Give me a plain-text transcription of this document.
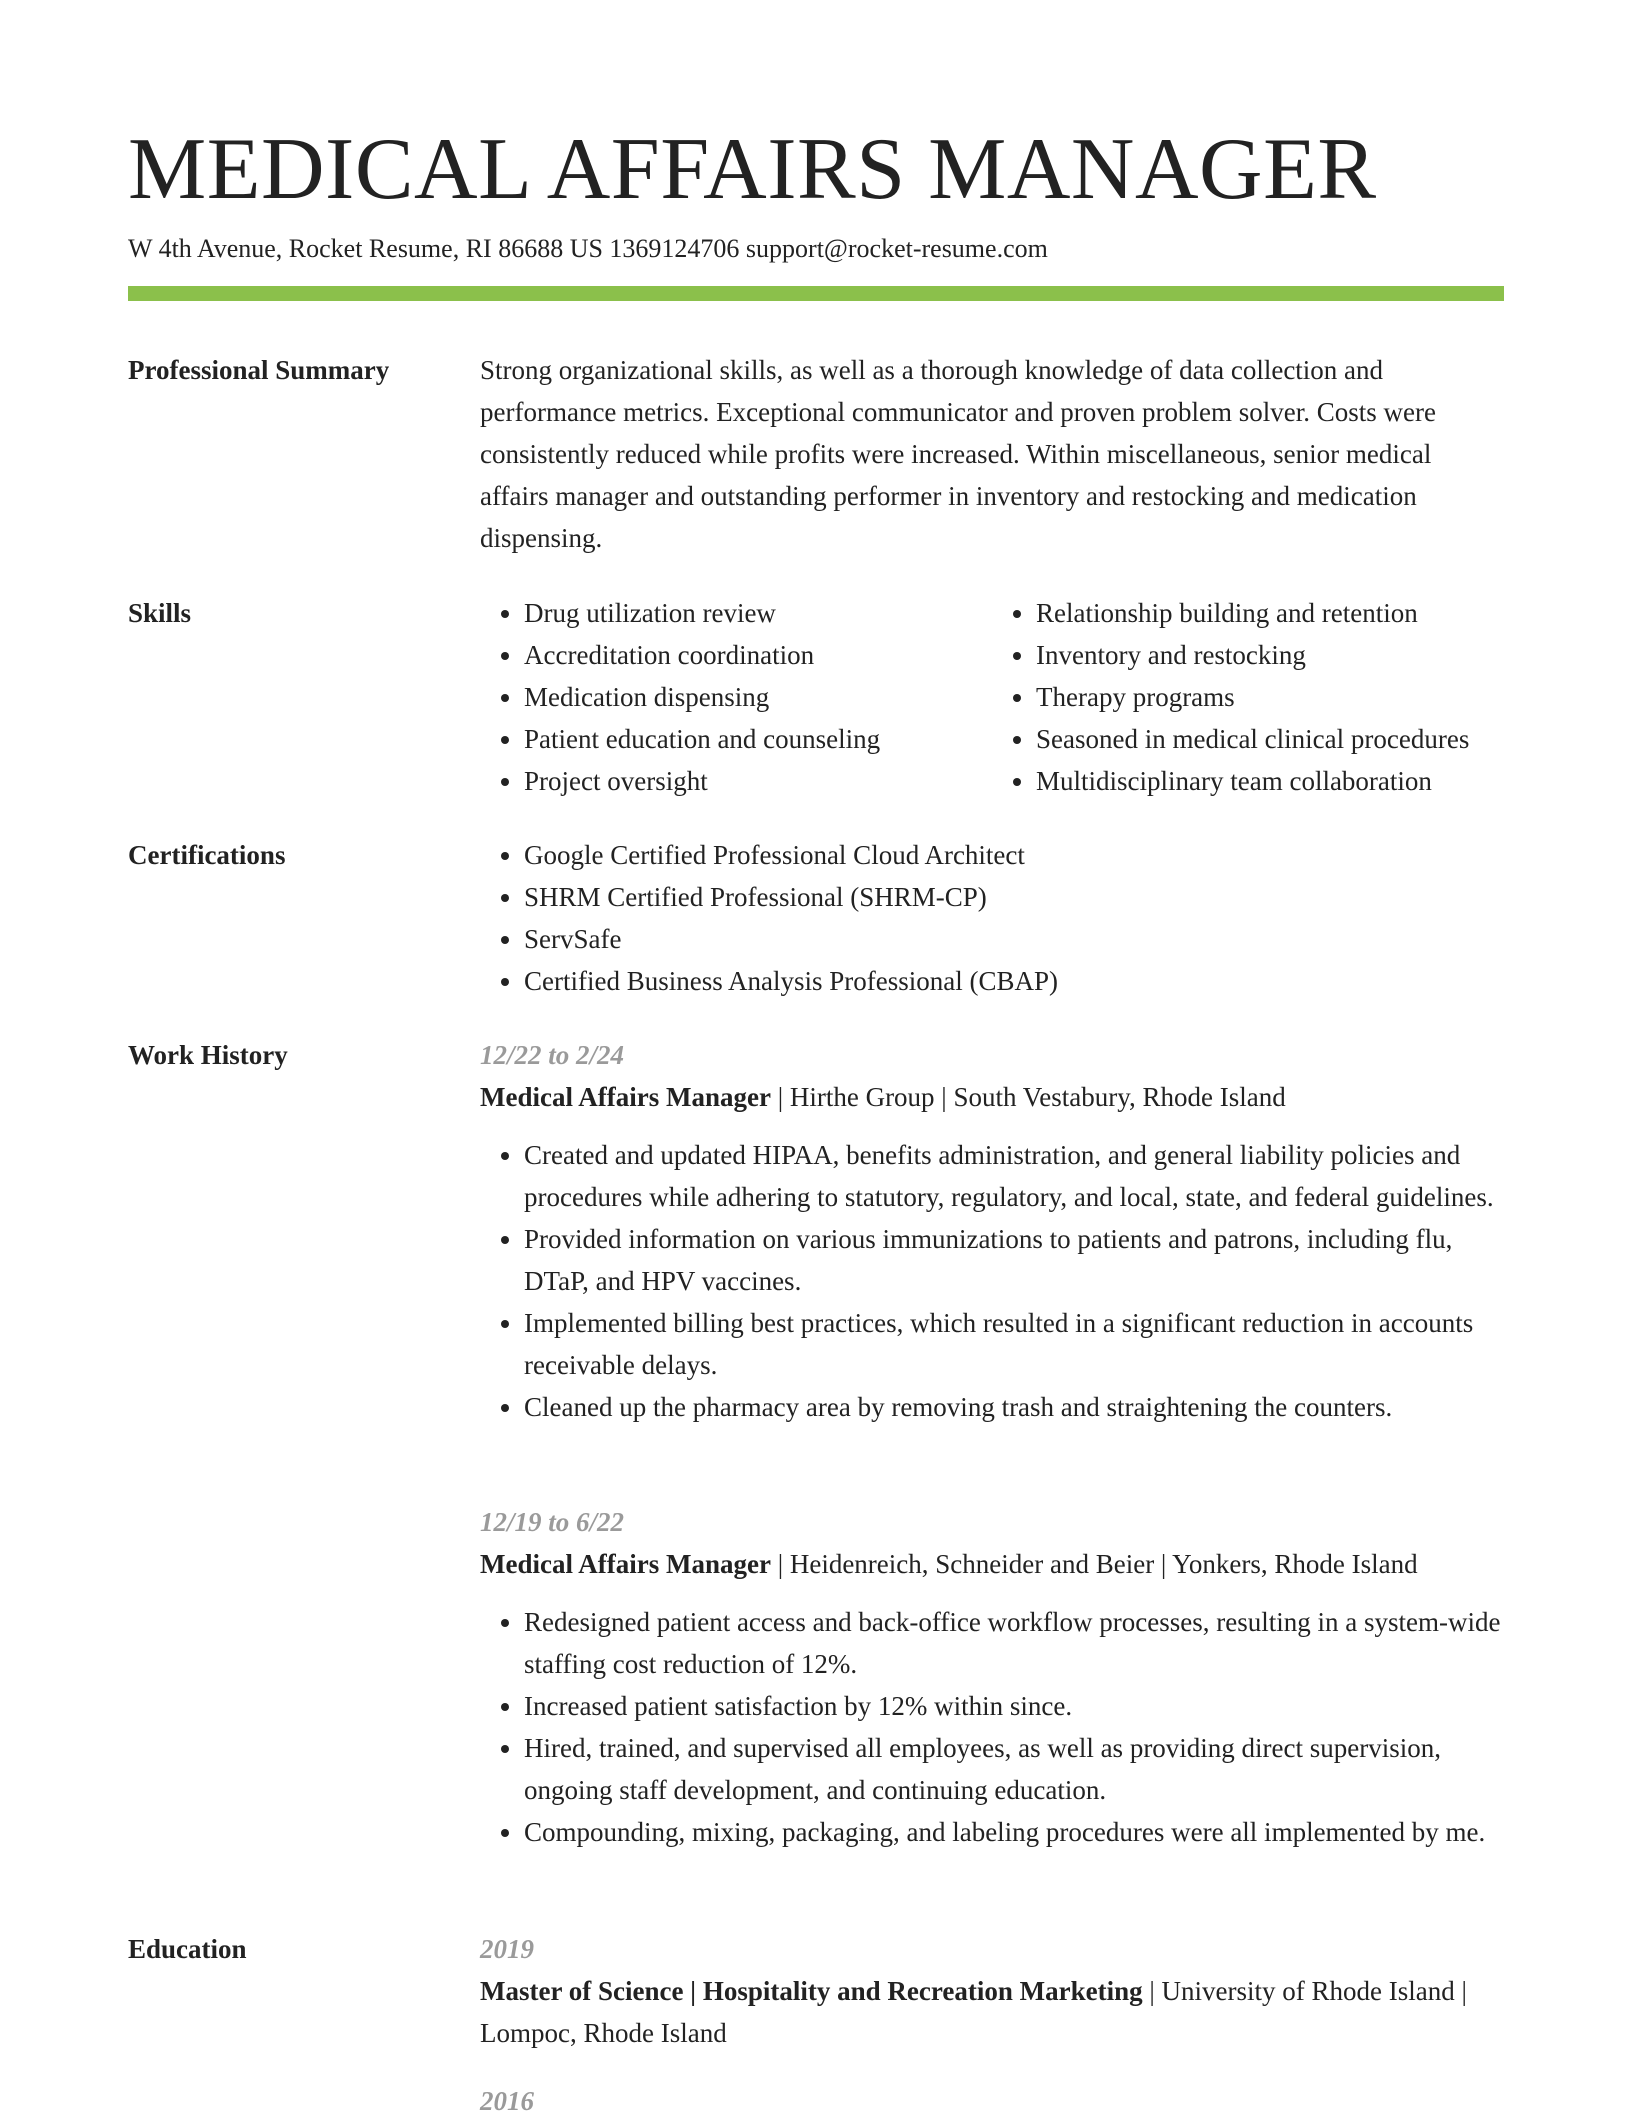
MEDICAL AFFAIRS MANAGER
W 4th Avenue, Rocket Resume, RI 86688 US 1369124706 support@rocket-resume.com
Professional Summary	Strong organizational skills, as well as a thorough knowledge of data collection and performance metrics. Exceptional communicator and proven problem solver. Costs were consistently reduced while profits were increased. Within miscellaneous, senior medical affairs manager and outstanding performer in inventory and restocking and medication dispensing.

Skills	• Drug utilization review
• Accreditation coordination
• Medication dispensing
• Patient education and counseling
• Project oversight
• Relationship building and retention
• Inventory and restocking
• Therapy programs
• Seasoned in medical clinical procedures
• Multidisciplinary team collaboration
Certifications	• Google Certified Professional Cloud Architect
• SHRM Certified Professional (SHRM-CP)
• ServSafe
• Certified Business Analysis Professional (CBAP)
Work History	12/22 to 2/24
Medical Affairs Manager | Hirthe Group | South Vestabury, Rhode Island
• Created and updated HIPAA, benefits administration, and general liability policies and procedures while adhering to statutory, regulatory, and local, state, and federal guidelines.
• Provided information on various immunizations to patients and patrons, including flu, DTaP, and HPV vaccines.
• Implemented billing best practices, which resulted in a significant reduction in accounts receivable delays.
• Cleaned up the pharmacy area by removing trash and straightening the counters.
12/19 to 6/22
Medical Affairs Manager | Heidenreich, Schneider and Beier | Yonkers, Rhode Island
• Redesigned patient access and back-office workflow processes, resulting in a system-wide staffing cost reduction of 12%.
• Increased patient satisfaction by 12% within since.
• Hired, trained, and supervised all employees, as well as providing direct supervision, ongoing staff development, and continuing education.
• Compounding, mixing, packaging, and labeling procedures were all implemented by me.
Education	2019
Master of Science | Hospitality and Recreation Marketing | University of Rhode Island | Lompoc, Rhode Island
2016
